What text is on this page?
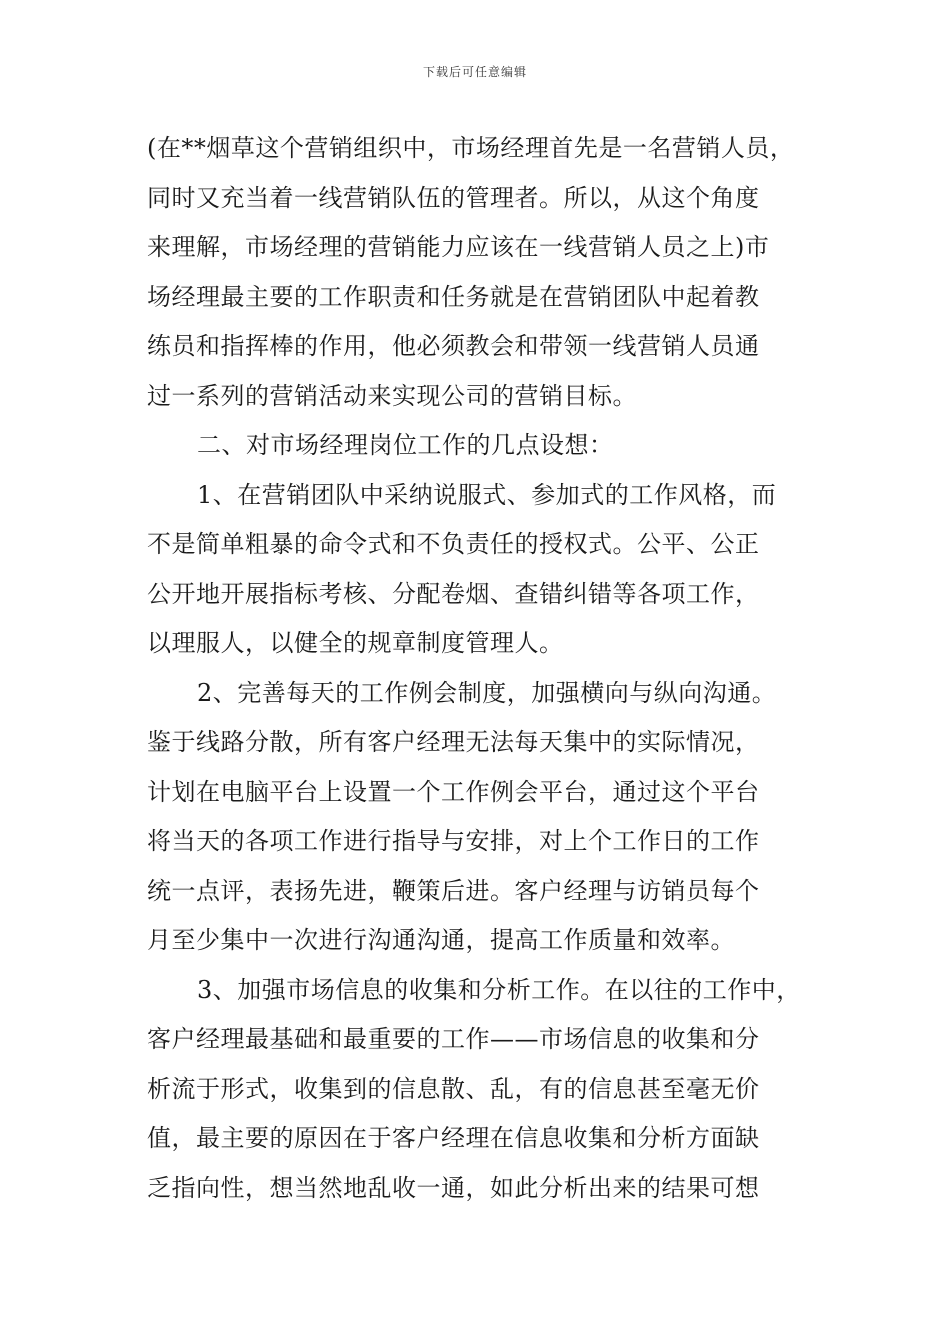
下载后可任意编辑
(在**烟草这个营销组织中，市场经理首先是一名营销人员，
同时又充当着一线营销队伍的管理者。所以，从这个角度
来理解，市场经理的营销能力应该在一线营销人员之上)市
场经理最主要的工作职责和任务就是在营销团队中起着教
练员和指挥棒的作用，他必须教会和带领一线营销人员通
过一系列的营销活动来实现公司的营销目标。
二、对市场经理岗位工作的几点设想：
1、在营销团队中采纳说服式、参加式的工作风格，而
不是简单粗暴的命令式和不负责任的授权式。公平、公正
公开地开展指标考核、分配卷烟、查错纠错等各项工作，
以理服人，以健全的规章制度管理人。
2、完善每天的工作例会制度，加强横向与纵向沟通。
鉴于线路分散，所有客户经理无法每天集中的实际情况，
计划在电脑平台上设置一个工作例会平台，通过这个平台
将当天的各项工作进行指导与安排，对上个工作日的工作
统一点评，表扬先进，鞭策后进。客户经理与访销员每个
月至少集中一次进行沟通沟通，提高工作质量和效率。
3、加强市场信息的收集和分析工作。在以往的工作中，
客户经理最基础和最重要的工作——市场信息的收集和分
析流于形式，收集到的信息散、乱，有的信息甚至毫无价
值，最主要的原因在于客户经理在信息收集和分析方面缺
乏指向性，想当然地乱收一通，如此分析出来的结果可想
